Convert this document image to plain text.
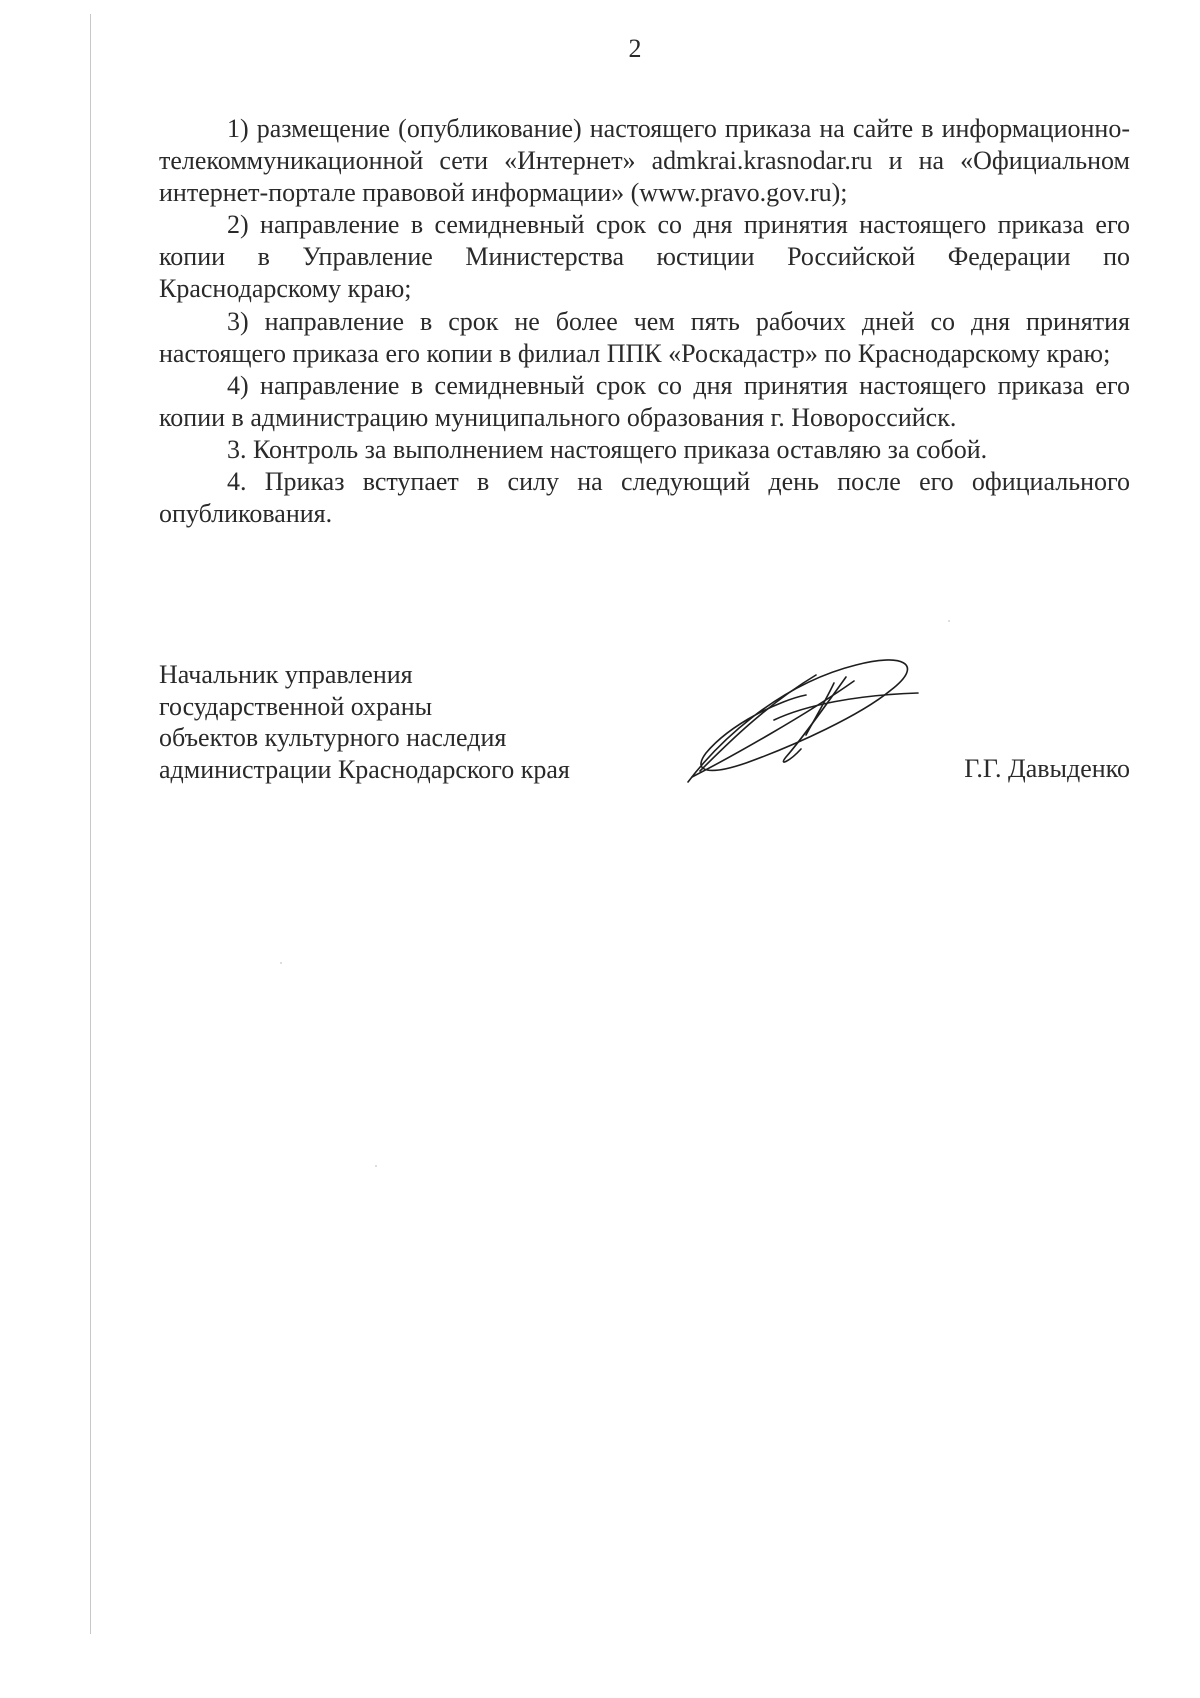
2

1) размещение (опубликование) настоящего приказа на сайте в информационно-телекоммуникационной сети «Интернет» admkrai.krasnodar.ru и на «Официальном интернет-портале правовой информации» (www.pravo.gov.ru);

2) направление в семидневный срок со дня принятия настоящего приказа его копии в Управление Министерства юстиции Российской Федерации по Краснодарскому краю;

3) направление в срок не более чем пять рабочих дней со дня принятия настоящего приказа его копии в филиал ППК «Роскадастр» по Краснодарскому краю;

4) направление в семидневный срок со дня принятия настоящего приказа его копии в администрацию муниципального образования г. Новороссийск.

3. Контроль за выполнением настоящего приказа оставляю за собой.

4. Приказ вступает в силу на следующий день после его официального опубликования.

Начальник управления
государственной охраны
объектов культурного наследия
администрации Краснодарского края	Г.Г. Давыденко
